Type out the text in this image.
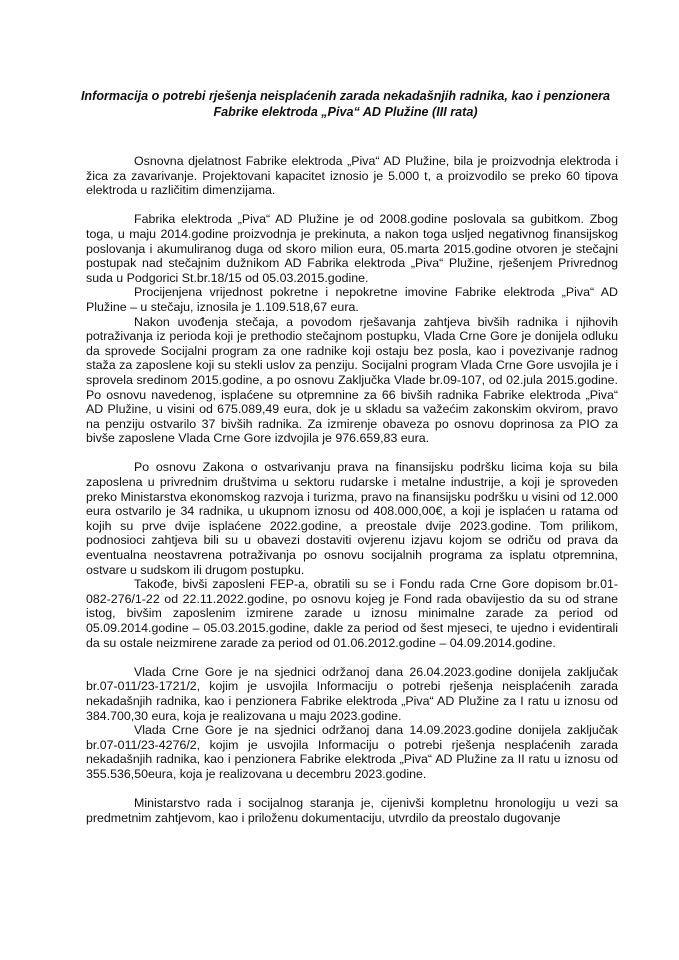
Informacija o potrebi rješenja neisplaćenih zarada nekadašnjih radnika, kao i penzionera
Fabrike elektroda „Piva“ AD Plužine (III rata)

Osnovna djelatnost Fabrike elektroda „Piva“ AD Plužine, bila je proizvodnja elektroda i žica za zavarivanje. Projektovani kapacitet iznosio je 5.000 t, a proizvodilo se preko 60 tipova elektroda u različitim dimenzijama.

Fabrika elektroda „Piva“ AD Plužine je od 2008.godine poslovala sa gubitkom. Zbog toga, u maju 2014.godine proizvodnja je prekinuta, a nakon toga usljed negativnog finansijskog poslovanja i akumuliranog duga od skoro milion eura, 05.marta 2015.godine otvoren je stečajni postupak nad stečajnim dužnikom AD Fabrika elektroda „Piva“ Plužine, rješenjem Privrednog suda u Podgorici St.br.18/15 od 05.03.2015.godine.

Procijenjena vrijednost pokretne i nepokretne imovine Fabrike elektroda „Piva“ AD Plužine – u stečaju, iznosila je 1.109.518,67 eura.

Nakon uvođenja stečaja, a povodom rješavanja zahtjeva bivših radnika i njihovih potraživanja iz perioda koji je prethodio stečajnom postupku, Vlada Crne Gore je donijela odluku da sprovede Socijalni program za one radnike koji ostaju bez posla, kao i povezivanje radnog staža za zaposlene koji su stekli uslov za penziju. Socijalni program Vlada Crne Gore usvojila je i sprovela sredinom 2015.godine, a po osnovu Zaključka Vlade br.09-107, od 02.jula 2015.godine. Po osnovu navedenog, isplaćene su otpremnine za 66 bivših radnika Fabrike elektroda „Piva“ AD Plužine, u visini od 675.089,49 eura, dok je u skladu sa važećim zakonskim okvirom, pravo na penziju ostvarilo 37 bivših radnika. Za izmirenje obaveza po osnovu doprinosa za PIO za bivše zaposlene Vlada Crne Gore izdvojila je 976.659,83 eura.

Po osnovu Zakona o ostvarivanju prava na finansijsku podršku licima koja su bila zaposlena u privrednim društvima u sektoru rudarske i metalne industrije, a koji je sproveden preko Ministarstva ekonomskog razvoja i turizma, pravo na finansijsku podršku u visini od 12.000 eura ostvarilo je 34 radnika, u ukupnom iznosu od 408.000,00€, a koji je isplaćen u ratama od kojih su prve dvije isplaćene 2022.godine, a preostale dvije 2023.godine. Tom prilikom, podnosioci zahtjeva bili su u obavezi dostaviti ovjerenu izjavu kojom se odriču od prava da eventualna neostavrena potraživanja po osnovu socijalnih programa za isplatu otpremnina, ostvare u sudskom ili drugom postupku.

Takođe, bivši zaposleni FEP-a, obratili su se i Fondu rada Crne Gore dopisom br.01-082-276/1-22 od 22.11.2022.godine, po osnovu kojeg je Fond rada obavijestio da su od strane istog, bivšim zaposlenim izmirene zarade u iznosu minimalne zarade za period od 05.09.2014.godine – 05.03.2015.godine, dakle za period od šest mjeseci, te ujedno i evidentirali da su ostale neizmirene zarade za period od 01.06.2012.godine – 04.09.2014.godine.

Vlada Crne Gore je na sjednici održanoj dana 26.04.2023.godine donijela zaključak br.07-011/23-1721/2, kojim je usvojila Informaciju o potrebi rješenja neisplaćenih zarada nekadašnjih radnika, kao i penzionera Fabrike elektroda „Piva“ AD Plužine za I ratu u iznosu od 384.700,30 eura, koja je realizovana u maju 2023.godine.

Vlada Crne Gore je na sjednici održanoj dana 14.09.2023.godine donijela zaključak br.07-011/23-4276/2, kojim je usvojila Informaciju o potrebi rješenja nesplaćenih zarada nekadašnjih radnika, kao i penzionera Fabrike elektroda „Piva“ AD Plužine za II ratu u iznosu od 355.536,50eura, koja je realizovana u decembru 2023.godine.

Ministarstvo rada i socijalnog staranja je, cijenivši kompletnu hronologiju u vezi sa predmetnim zahtjevom, kao i priloženu dokumentaciju, utvrdilo da preostalo dugovanje
